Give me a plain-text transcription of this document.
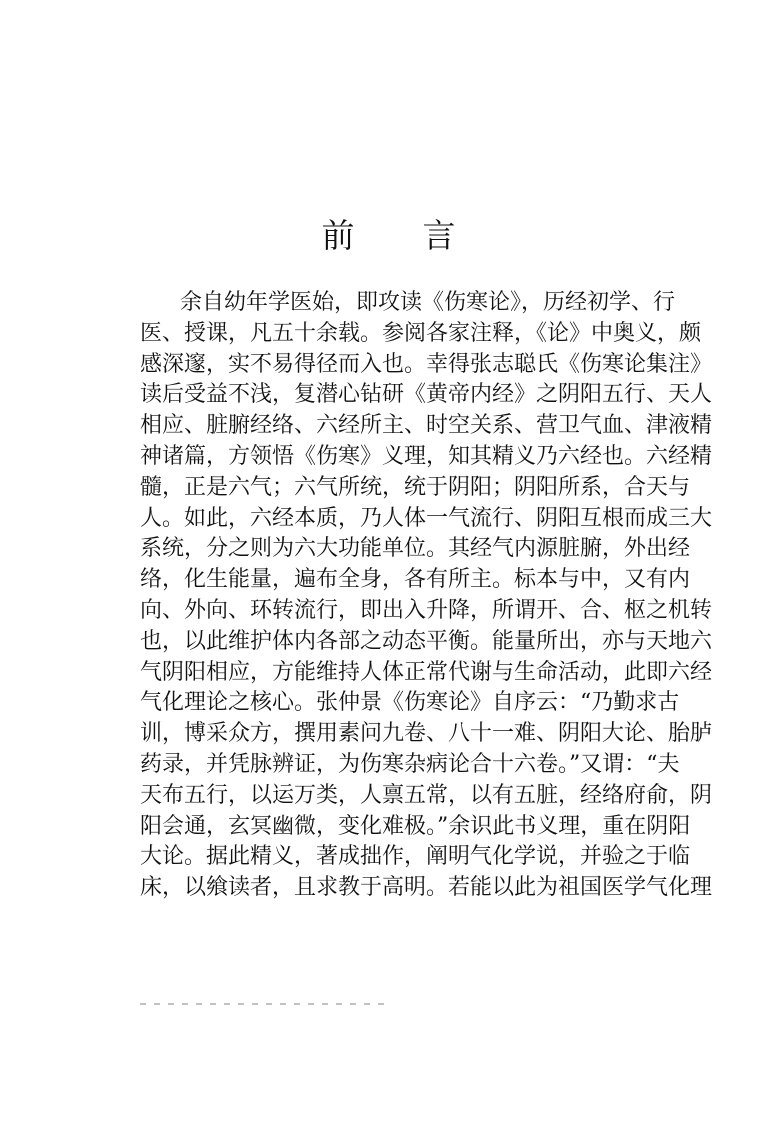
前言
余自幼年学医始，即攻读《伤寒论》，历经初学、行
医、授课，凡五十余载。参阅各家注释，《论》中奥义，颇
感深邃，实不易得径而入也。幸得张志聪氏《伤寒论集注》
读后受益不浅，复潜心钻研《黄帝内经》之阴阳五行、天人
相应、脏腑经络、六经所主、时空关系、营卫气血、津液精
神诸篇，方领悟《伤寒》义理，知其精义乃六经也。六经精
髓，正是六气；六气所统，统于阴阳；阴阳所系，合天与
人。如此，六经本质，乃人体一气流行、阴阳互根而成三大
系统，分之则为六大功能单位。其经气内源脏腑，外出经
络，化生能量，遍布全身，各有所主。标本与中，又有内
向、外向、环转流行，即出入升降，所谓开、合、枢之机转
也，以此维护体内各部之动态平衡。能量所出，亦与天地六
气阴阳相应，方能维持人体正常代谢与生命活动，此即六经
气化理论之核心。张仲景《伤寒论》自序云：“乃勤求古
训，博采众方，撰用素问九卷、八十一难、阴阳大论、胎胪
药录，并凭脉辨证，为伤寒杂病论合十六卷。”又谓：“夫
天布五行，以运万类，人禀五常，以有五脏，经络府俞，阴
阳会通，玄冥幽微，变化难极。”余识此书义理，重在阴阳
大论。据此精义，著成拙作，阐明气化学说，并验之于临
床，以飨读者，且求教于高明。若能以此为祖国医学气化理
